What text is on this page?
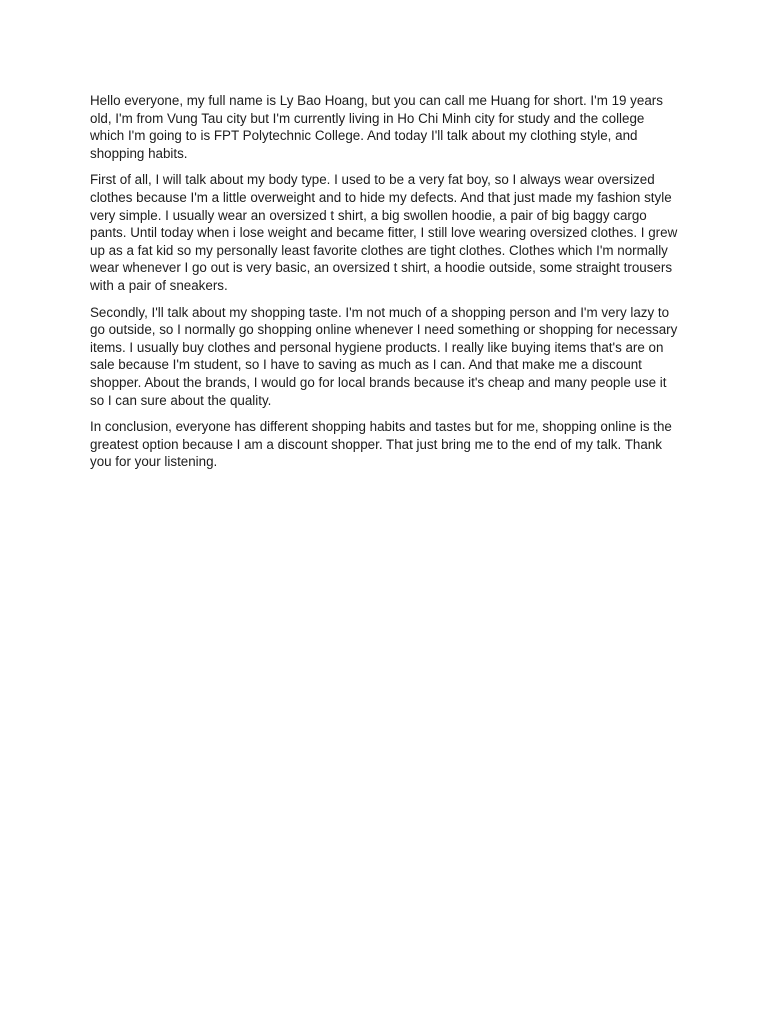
Hello everyone, my full name is Ly Bao Hoang, but you can call me Huang for short. I'm 19 years old, I'm from Vung Tau city but I'm currently living in Ho Chi Minh city for study and the college which I'm going to is FPT Polytechnic College. And today I'll talk about my clothing style, and shopping habits.

First of all, I will talk about my body type. I used to be a very fat boy, so I always wear oversized clothes because I'm a little overweight and to hide my defects. And that just made my fashion style very simple. I usually wear an oversized t shirt, a big swollen hoodie, a pair of big baggy cargo pants. Until today when i lose weight and became fitter, I still love wearing oversized clothes. I grew up as a fat kid so my personally least favorite clothes are tight clothes. Clothes which I'm normally wear whenever I go out is very basic, an oversized t shirt, a hoodie outside, some straight trousers with a pair of sneakers.

Secondly, I'll talk about my shopping taste. I'm not much of a shopping person and I'm very lazy to go outside, so I normally go shopping online whenever I need something or shopping for necessary items. I usually buy clothes and personal hygiene products. I really like buying items that's are on sale because I'm student, so I have to saving as much as I can. And that make me a discount shopper. About the brands, I would go for local brands because it's cheap and many people use it so I can sure about the quality.

In conclusion, everyone has different shopping habits and tastes but for me, shopping online is the greatest option because I am a discount shopper. That just bring me to the end of my talk. Thank you for your listening.
